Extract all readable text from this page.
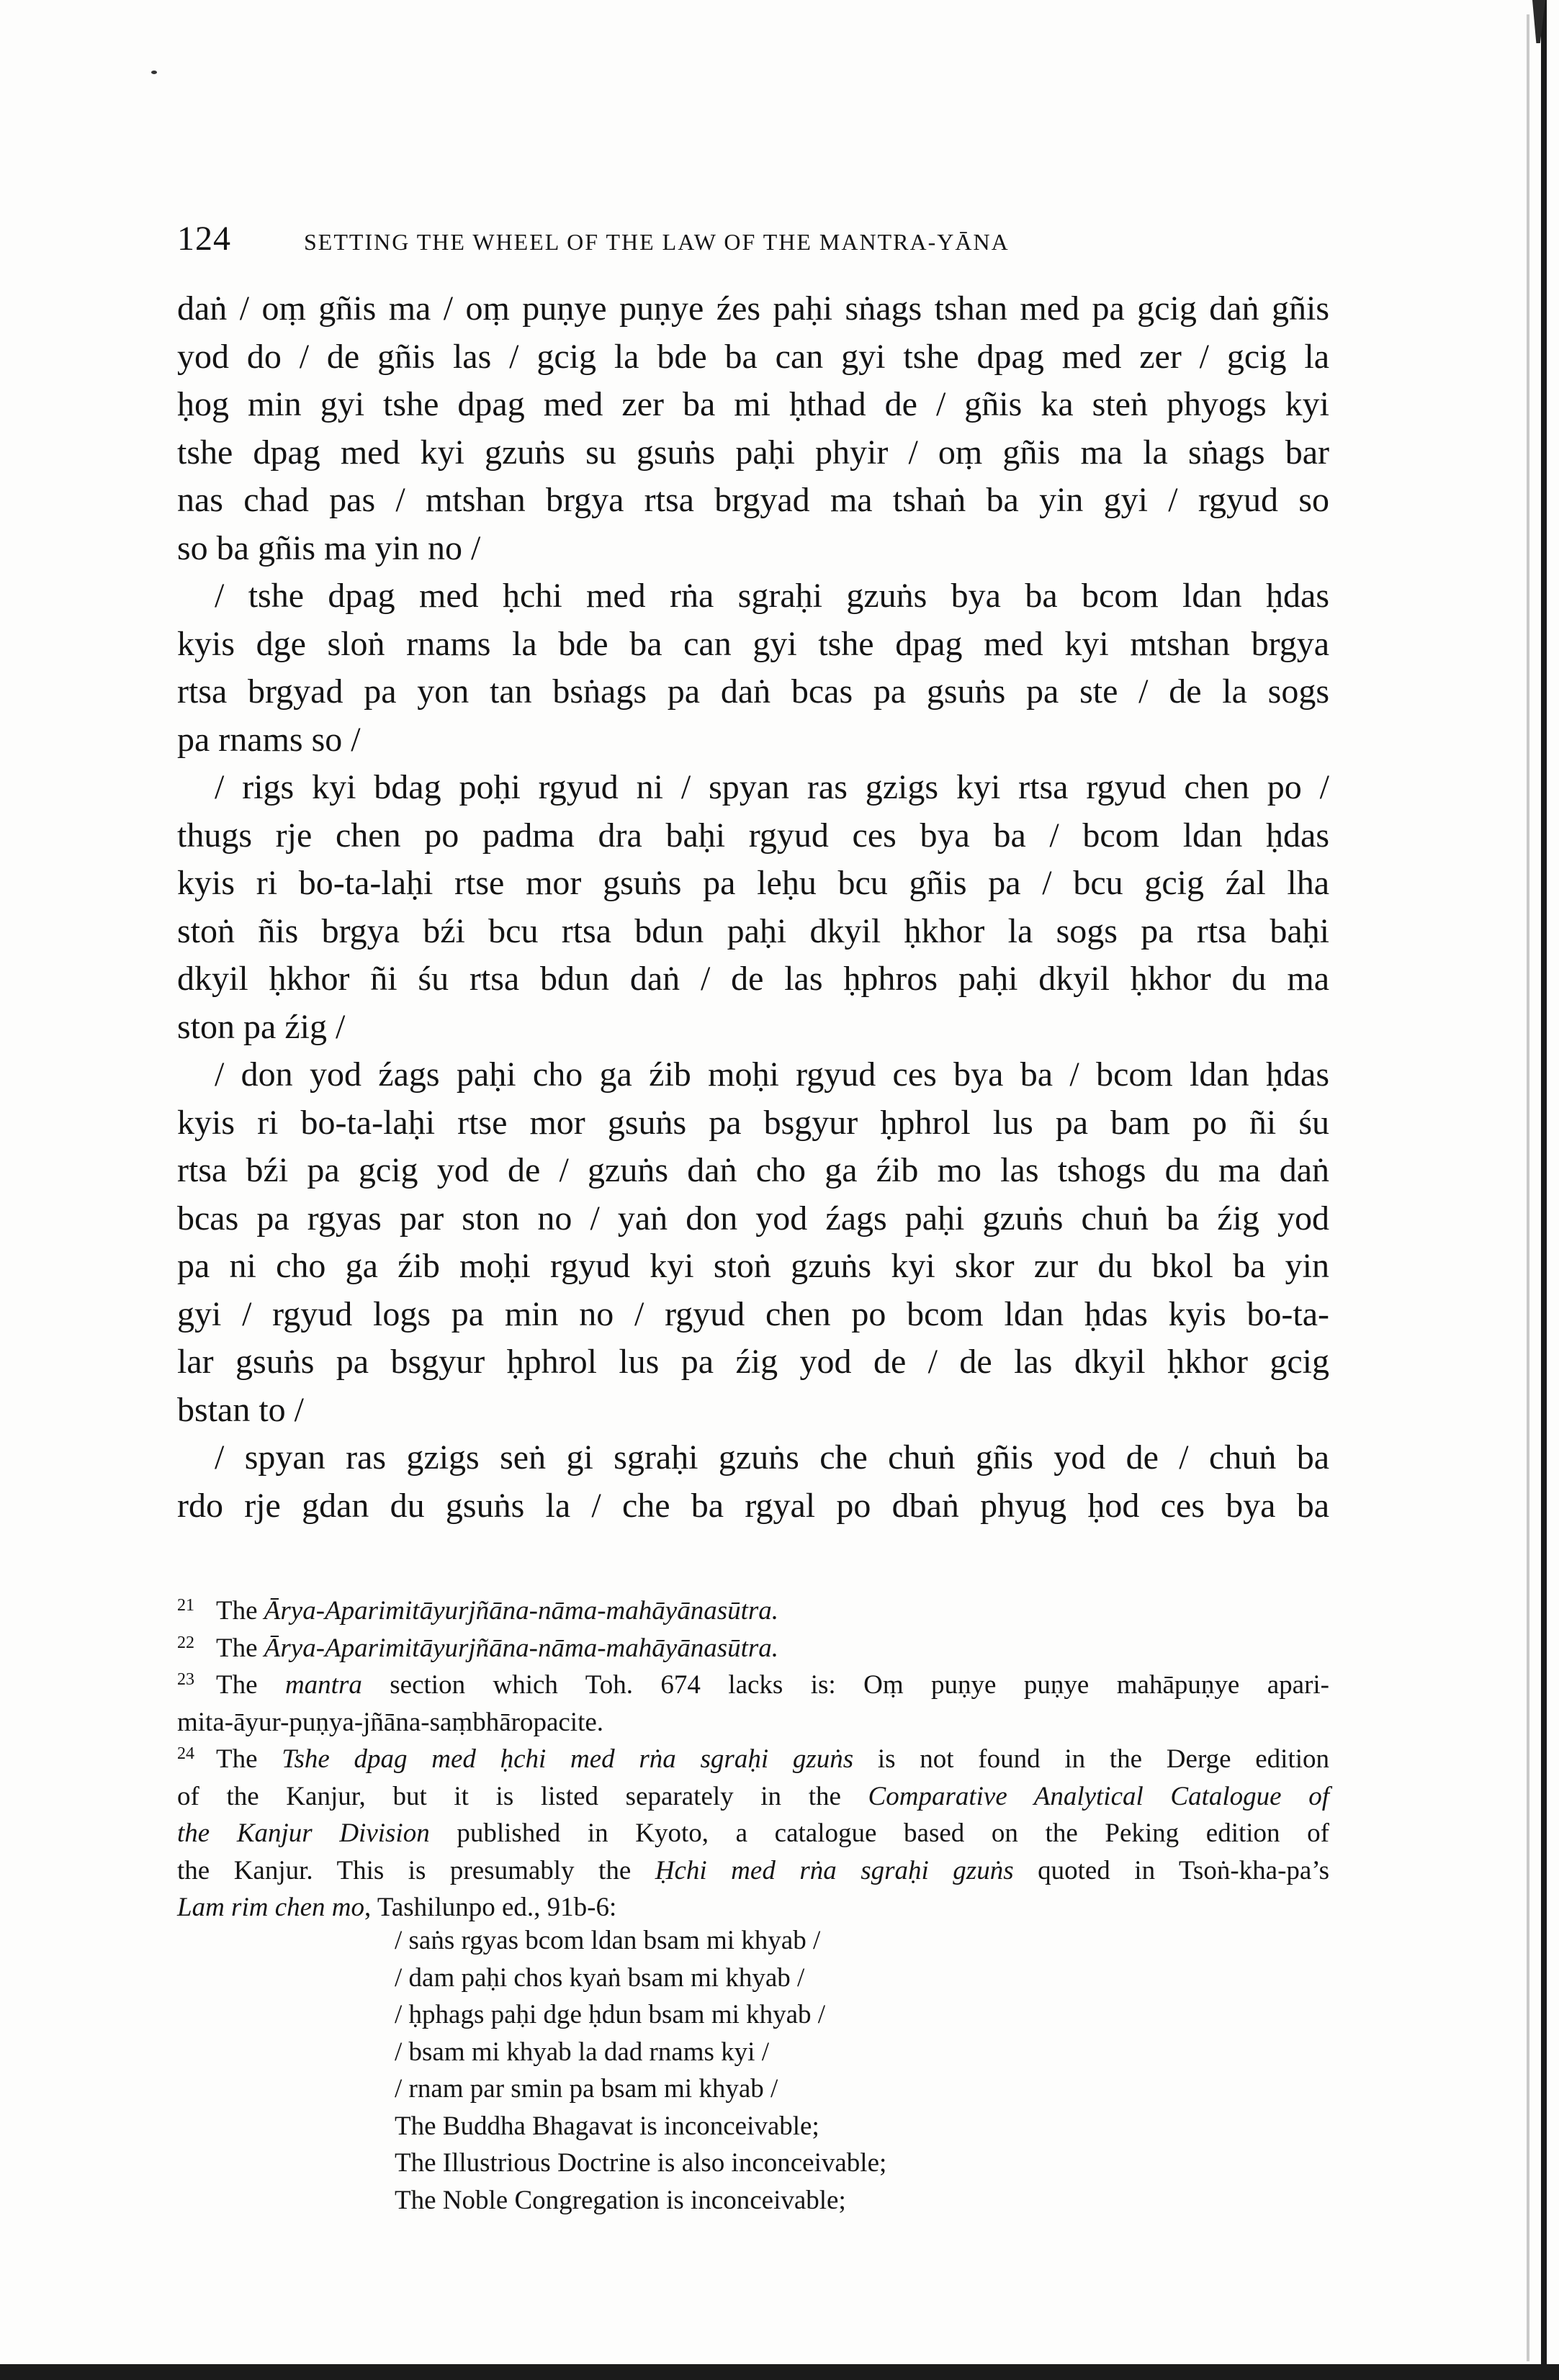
124	SETTING THE WHEEL OF THE LAW OF THE MANTRA-YĀNA
daṅ / oṃ gñis ma / oṃ puṇye puṇye źes paḥi sṅags tshan med pa gcig daṅ gñis
yod do / de gñis las / gcig la bde ba can gyi tshe dpag med zer / gcig la
ḥog min gyi tshe dpag med zer ba mi ḥthad de / gñis ka steṅ phyogs kyi
tshe dpag med kyi gzuṅs su gsuṅs paḥi phyir / oṃ gñis ma la sṅags bar
nas chad pas / mtshan brgya rtsa brgyad ma tshaṅ ba yin gyi / rgyud so
so ba gñis ma yin no /
/ tshe dpag med ḥchi med rṅa sgraḥi gzuṅs bya ba bcom ldan ḥdas
kyis dge sloṅ rnams la bde ba can gyi tshe dpag med kyi mtshan brgya
rtsa brgyad pa yon tan bsṅags pa daṅ bcas pa gsuṅs pa ste / de la sogs
pa rnams so /
/ rigs kyi bdag poḥi rgyud ni / spyan ras gzigs kyi rtsa rgyud chen po /
thugs rje chen po padma dra baḥi rgyud ces bya ba / bcom ldan ḥdas
kyis ri bo-ta-laḥi rtse mor gsuṅs pa leḥu bcu gñis pa / bcu gcig źal lha
stoṅ ñis brgya bźi bcu rtsa bdun paḥi dkyil ḥkhor la sogs pa rtsa baḥi
dkyil ḥkhor ñi śu rtsa bdun daṅ / de las ḥphros paḥi dkyil ḥkhor du ma
ston pa źig /
/ don yod źags paḥi cho ga źib moḥi rgyud ces bya ba / bcom ldan ḥdas
kyis ri bo-ta-laḥi rtse mor gsuṅs pa bsgyur ḥphrol lus pa bam po ñi śu
rtsa bźi pa gcig yod de / gzuṅs daṅ cho ga źib mo las tshogs du ma daṅ
bcas pa rgyas par ston no / yaṅ don yod źags paḥi gzuṅs chuṅ ba źig yod
pa ni cho ga źib moḥi rgyud kyi stoṅ gzuṅs kyi skor zur du bkol ba yin
gyi / rgyud logs pa min no / rgyud chen po bcom ldan ḥdas kyis bo-ta-
lar gsuṅs pa bsgyur ḥphrol lus pa źig yod de / de las dkyil ḥkhor gcig
bstan to /
/ spyan ras gzigs seṅ gi sgraḥi gzuṅs che chuṅ gñis yod de / chuṅ ba
rdo rje gdan du gsuṅs la / che ba rgyal po dbaṅ phyug ḥod ces bya ba
$^{21}$ The Ārya-Aparimitāyurjñāna-nāma-mahāyānasūtra.
$^{22}$ The Ārya-Aparimitāyurjñāna-nāma-mahāyānasūtra.
$^{23}$ The mantra section which Toh. 674 lacks is: Oṃ puṇye puṇye mahāpuṇye apari-
mita-āyur-puṇya-jñāna-saṃbhāropacite.
$^{24}$ The Tshe dpag med ḥchi med rṅa sgraḥi gzuṅs is not found in the Derge edition
of the Kanjur, but it is listed separately in the Comparative Analytical Catalogue of
the Kanjur Division published in Kyoto, a catalogue based on the Peking edition of
the Kanjur. This is presumably the Ḥchi med rṅa sgraḥi gzuṅs quoted in Tsoṅ-kha-pa’s
Lam rim chen mo, Tashilunpo ed., 91b-6:
/ saṅs rgyas bcom ldan bsam mi khyab /
/ dam paḥi chos kyaṅ bsam mi khyab /
/ ḥphags paḥi dge ḥdun bsam mi khyab /
/ bsam mi khyab la dad rnams kyi /
/ rnam par smin pa bsam mi khyab /
The Buddha Bhagavat is inconceivable;
The Illustrious Doctrine is also inconceivable;
The Noble Congregation is inconceivable;
